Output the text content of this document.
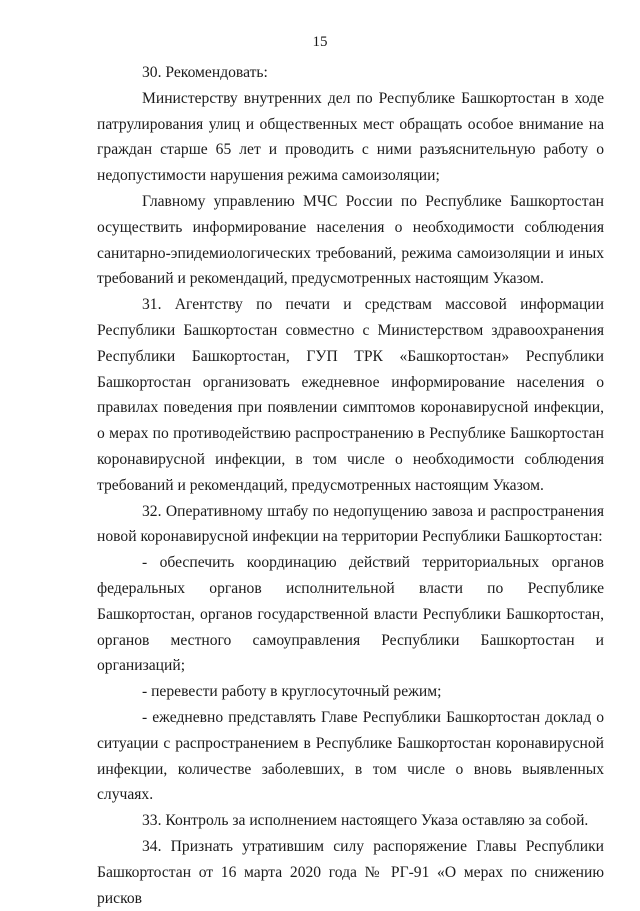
15

30. Рекомендовать:

Министерству внутренних дел по Республике Башкортостан в ходе патрулирования улиц и общественных мест обращать особое внимание на граждан старше 65 лет и проводить с ними разъяснительную работу о недопустимости нарушения режима самоизоляции;

Главному управлению МЧС России по Республике Башкортостан осуществить информирование населения о необходимости соблюдения санитарно-эпидемиологических требований, режима самоизоляции и иных требований и рекомендаций, предусмотренных настоящим Указом.

31. Агентству по печати и средствам массовой информации Республики Башкортостан совместно с Министерством здравоохранения Республики Башкортостан, ГУП ТРК «Башкортостан» Республики Башкортостан организовать ежедневное информирование населения о правилах поведения при появлении симптомов коронавирусной инфекции, о мерах по противодействию распространению в Республике Башкортостан коронавирусной инфекции, в том числе о необходимости соблюдения требований и рекомендаций, предусмотренных настоящим Указом.

32. Оперативному штабу по недопущению завоза и распространения новой коронавирусной инфекции на территории Республики Башкортостан:

- обеспечить координацию действий территориальных органов федеральных органов исполнительной власти по Республике Башкортостан, органов государственной власти Республики Башкортостан, органов местного самоуправления Республики Башкортостан и организаций;

- перевести работу в круглосуточный режим;

- ежедневно представлять Главе Республики Башкортостан доклад о ситуации с распространением в Республике Башкортостан коронавирусной инфекции, количестве заболевших, в том числе о вновь выявленных случаях.

33. Контроль за исполнением настоящего Указа оставляю за собой.

34. Признать утратившим силу распоряжение Главы Республики Башкортостан от 16 марта 2020 года № РГ-91 «О мерах по снижению рисков
